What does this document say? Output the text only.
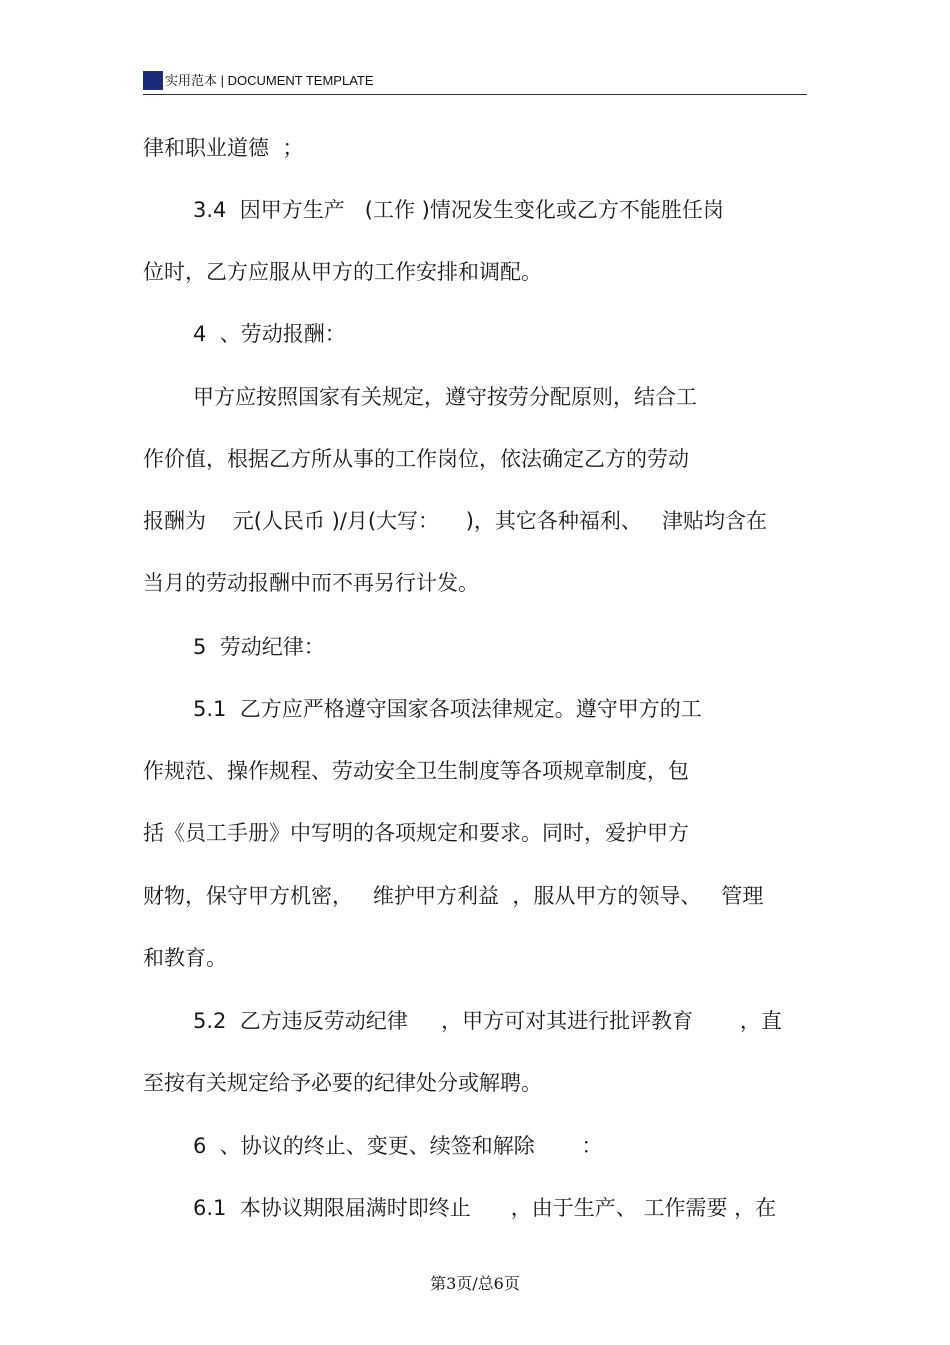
实用范本 | DOCUMENT TEMPLATE
律和职业道德  ；
3.4  因甲方生产   (工作 )情况发生变化或乙方不能胜任岗
位时，乙方应服从甲方的工作安排和调配。
4  、劳动报酬：
甲方应按照国家有关规定，遵守按劳分配原则，结合工
作价值，根据乙方所从事的工作岗位，依法确定乙方的劳动
报酬为    元(人民币 )/月(大写：    )，其它各种福利、   津贴均含在
当月的劳动报酬中而不再另行计发。
5  劳动纪律：
5.1  乙方应严格遵守国家各项法律规定。遵守甲方的工
作规范、操作规程、劳动安全卫生制度等各项规章制度，包
括《员工手册》中写明的各项规定和要求。同时，爱护甲方
财物，保守甲方机密，   维护甲方利益  ，服从甲方的领导、   管理
和教育。
5.2  乙方违反劳动纪律     ，甲方可对其进行批评教育       ，直
至按有关规定给予必要的纪律处分或解聘。
6  、协议的终止、变更、续签和解除       ：
6.1  本协议期限届满时即终止      ，由于生产、 工作需要 ，在
第3页/总6页
